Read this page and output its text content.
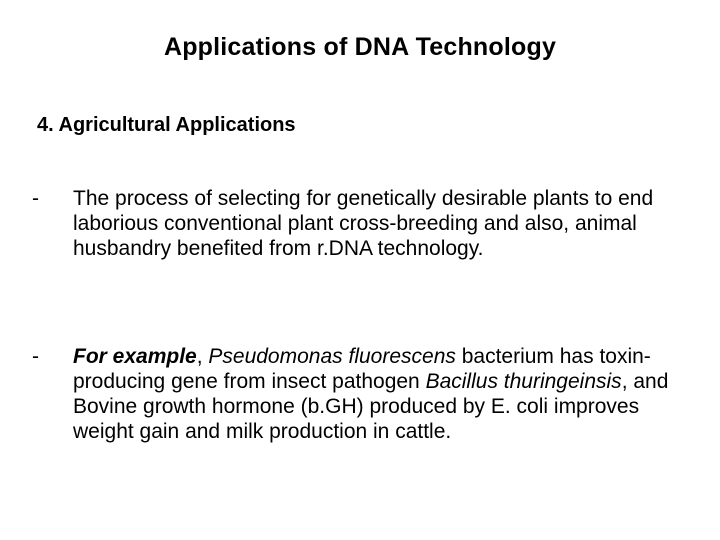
Applications of DNA Technology
4. Agricultural Applications
-	The process of selecting for genetically desirable plants to end laborious conventional plant cross-breeding and also, animal husbandry benefited from r.DNA technology.
-	For example, Pseudomonas fluorescens bacterium has toxin-producing gene from insect pathogen Bacillus thuringeinsis, and Bovine growth hormone (b.GH) produced by E. coli improves weight gain and milk production in cattle.
